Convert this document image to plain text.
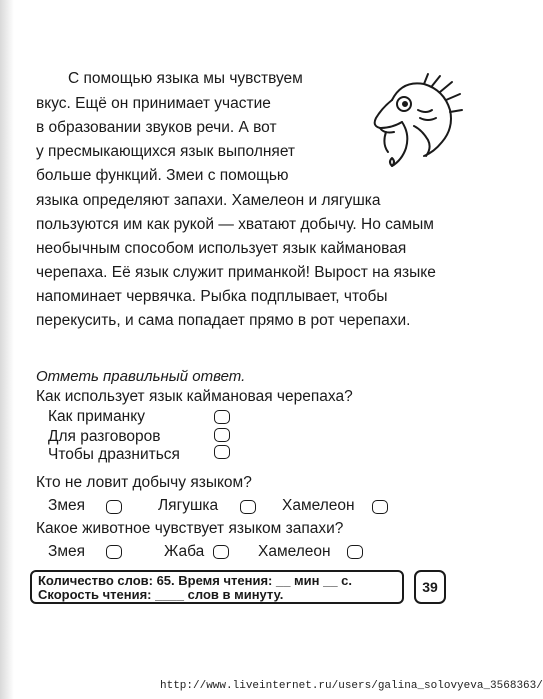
С помощью языка мы чувствуем
вкус. Ещё он принимает участие
в образовании звуков речи. А вот
у пресмыкающихся язык выполняет
больше функций. Змеи с помощью
языка определяют запахи. Хамелеон и лягушка
пользуются им как рукой — хватают добычу. Но самым
необычным способом использует язык каймановая
черепаха. Её язык служит приманкой! Вырост на языке
напоминает червячка. Рыбка подплывает, чтобы
перекусить, и сама попадает прямо в рот черепахи.
Отметь правильный ответ.
Как использует язык каймановая черепаха?
Как приманку
Для разговоров
Чтобы дразниться
Кто не ловит добычу языком?
Змея	Лягушка	Хамелеон
Какое животное чувствует языком запахи?
Змея	Жаба	Хамелеон
Количество слов: 65. Время чтения: __ мин __ с.
Скорость чтения: ____ слов в минуту.	39
http://www.liveinternet.ru/users/galina_solovyeva_3568363/
